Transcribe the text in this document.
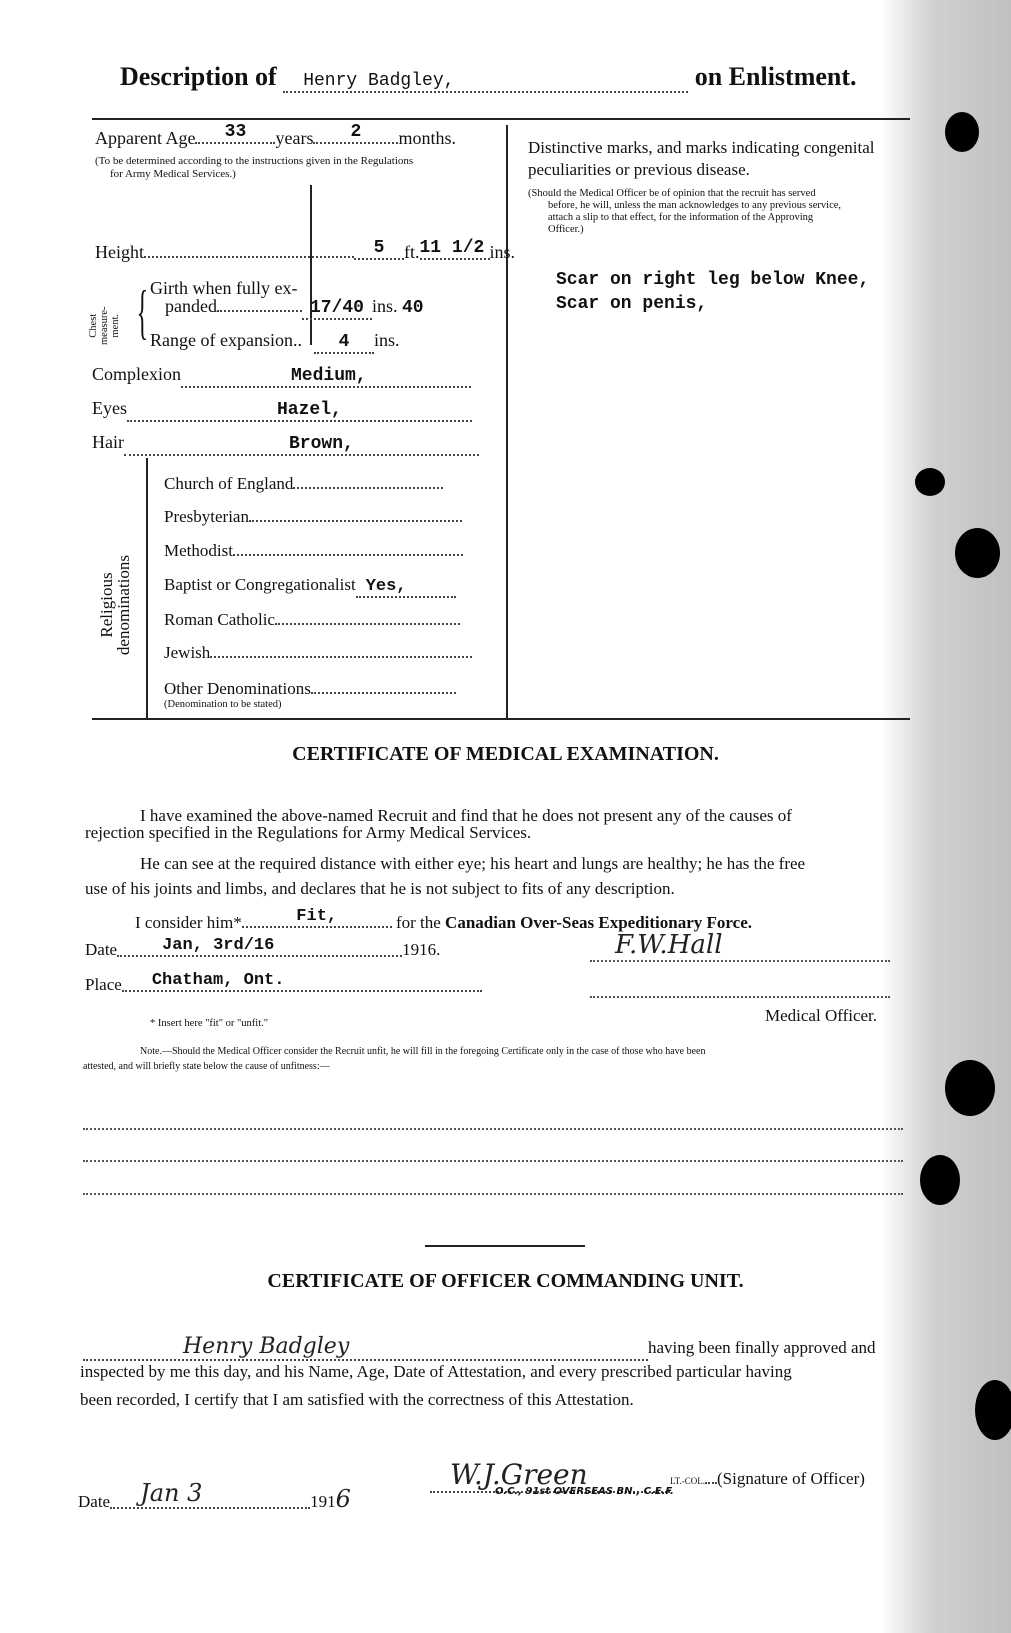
Description of Henry Badgley,	on Enlistment.
Apparent Age 33 years 2 months.
(To be determined according to the instructions given in the Regulations
for Army Medical Services.)
Height	5 ft.11 1/2 ins.
Chest measure- ment. { Girth when fully ex-
panded	17/40 ins. 40
Range of expansion.. 4 ins.
Complexion	Medium,
Eyes	Hazel,
Hair	Brown,
Religious
denominations
Church of England
Presbyterian
Methodist
Baptist or Congregationalist Yes,
Roman Catholic
Jewish
Other Denominations
(Denomination to be stated)
Distinctive marks, and marks indicating congenital
peculiarities or previous disease.
(Should the Medical Officer be of opinion that the recruit has served
before, he will, unless the man acknowledges to any previous service,
attach a slip to that effect, for the information of the Approving
Officer.)
Scar on right leg below Knee,
Scar on penis,
CERTIFICATE OF MEDICAL EXAMINATION.
I have examined the above-named Recruit and find that he does not present any of the causes of
rejection specified in the Regulations for Army Medical Services.
He can see at the required distance with either eye; his heart and lungs are healthy; he has the free
use of his joints and limbs, and declares that he is not subject to fits of any description.
I consider him*	Fit,	for the Canadian Over-Seas Expeditionary Force.
Date	Jan, 3rd/16	1916.
Place Chatham, Ont.
F.W.Hall
Medical Officer.
* Insert here "fit" or "unfit."
Note.—Should the Medical Officer consider the Recruit unfit, he will fill in the foregoing Certificate only in the case of those who have been
attested, and will briefly state below the cause of unfitness:—
CERTIFICATE OF OFFICER COMMANDING UNIT.
Henry Badgley	having been finally approved and
inspected by me this day, and his Name, Age, Date of Attestation, and every prescribed particular having
been recorded, I certify that I am satisfied with the correctness of this Attestation.
W.J.Green	LT.-COL. (Signature of Officer)
O.C., 91st OVERSEAS BN., C.E.F.
Date Jan 3	1916
